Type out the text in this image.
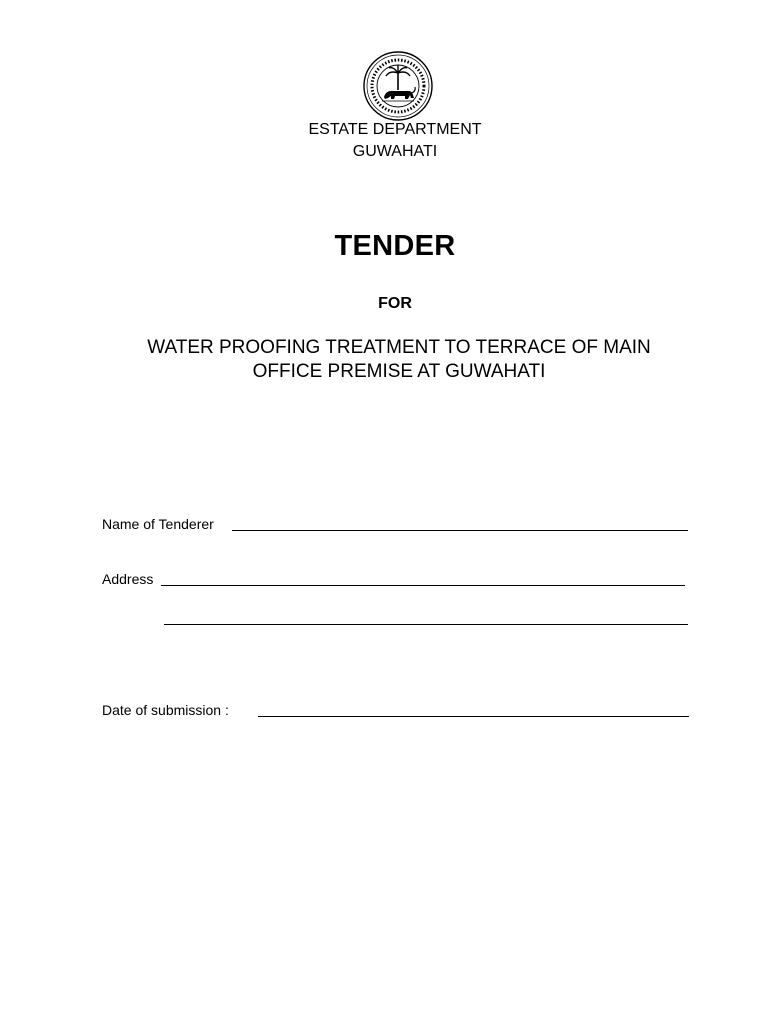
ESTATE DEPARTMENT
GUWAHATI
TENDER
FOR
WATER PROOFING TREATMENT TO TERRACE OF MAIN
OFFICE PREMISE AT GUWAHATI
Name of Tenderer
Address
Date of submission :
